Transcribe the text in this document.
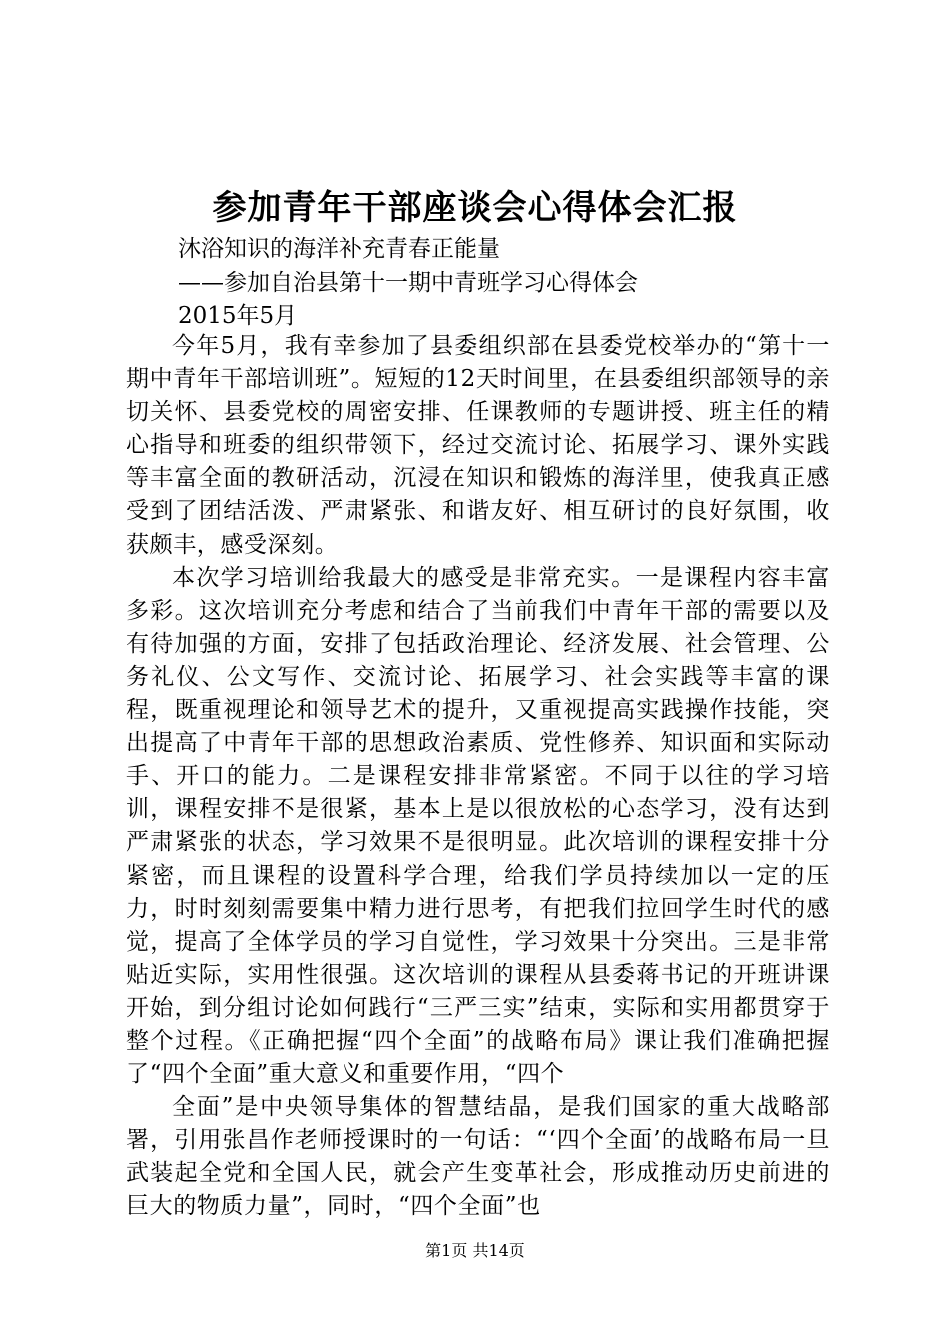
参加青年干部座谈会心得体会汇报
沐浴知识的海洋补充青春正能量
——参加自治县第十一期中青班学习心得体会
2015年5月

今年5月，我有幸参加了县委组织部在县委党校举办的“第十一期中青年干部培训班”。短短的12天时间里，在县委组织部领导的亲切关怀、县委党校的周密安排、任课教师的专题讲授、班主任的精心指导和班委的组织带领下，经过交流讨论、拓展学习、课外实践等丰富全面的教研活动，沉浸在知识和锻炼的海洋里，使我真正感受到了团结活泼、严肃紧张、和谐友好、相互研讨的良好氛围，收获颇丰，感受深刻。

本次学习培训给我最大的感受是非常充实。一是课程内容丰富多彩。这次培训充分考虑和结合了当前我们中青年干部的需要以及有待加强的方面，安排了包括政治理论、经济发展、社会管理、公务礼仪、公文写作、交流讨论、拓展学习、社会实践等丰富的课程，既重视理论和领导艺术的提升，又重视提高实践操作技能，突出提高了中青年干部的思想政治素质、党性修养、知识面和实际动手、开口的能力。二是课程安排非常紧密。不同于以往的学习培训，课程安排不是很紧，基本上是以很放松的心态学习，没有达到严肃紧张的状态，学习效果不是很明显。此次培训的课程安排十分紧密，而且课程的设置科学合理，给我们学员持续加以一定的压力，时时刻刻需要集中精力进行思考，有把我们拉回学生时代的感觉，提高了全体学员的学习自觉性，学习效果十分突出。三是非常贴近实际，实用性很强。这次培训的课程从县委蒋书记的开班讲课开始，到分组讨论如何践行“三严三实”结束，实际和实用都贯穿于整个过程。《正确把握“四个全面”的战略布局》课让我们准确把握了“四个全面”重大意义和重要作用，“四个

全面”是中央领导集体的智慧结晶，是我们国家的重大战略部署，引用张昌作老师授课时的一句话：“‘四个全面’的战略布局一旦武装起全党和全国人民，就会产生变革社会，形成推动历史前进的巨大的物质力量”，同时，“四个全面”也

第1页 共14页
